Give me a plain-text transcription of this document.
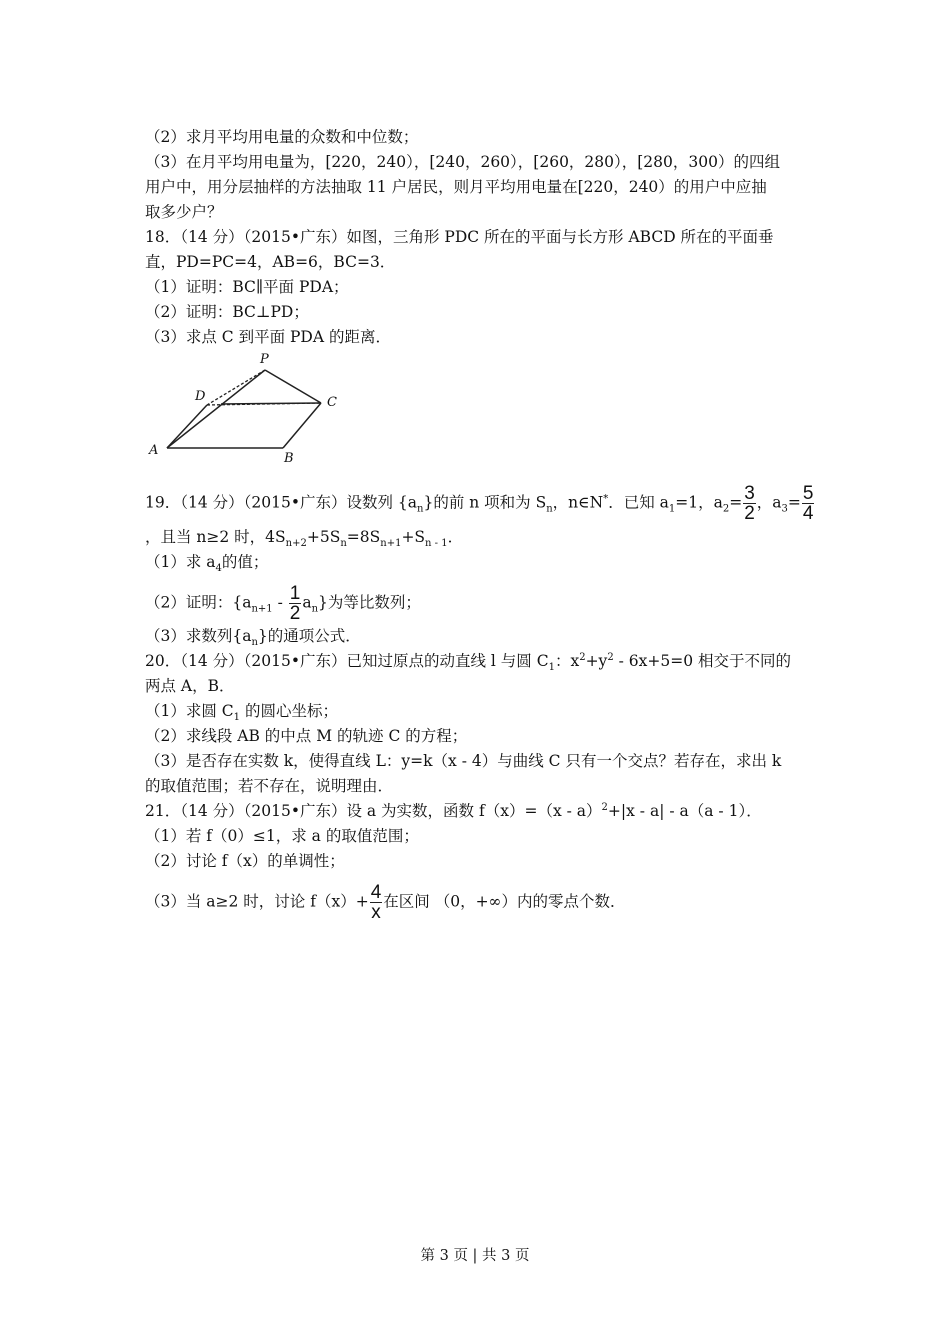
（2）求月平均用电量的众数和中位数；
（3）在月平均用电量为，[220，240），[240，260），[260，280），[280，300）的四组
用户中，用分层抽样的方法抽取 11 户居民，则月平均用电量在[220，240）的用户中应抽
取多少户？
18．（14 分）（2015•广东）如图，三角形 PDC 所在的平面与长方形 ABCD 所在的平面垂
直，PD=PC=4，AB=6，BC=3．
（1）证明：BC∥平面 PDA；
（2）证明：BC⊥PD；
（3）求点 C 到平面 PDA 的距离．
P
D	C
A
B
19．（14 分）（2015•广东）设数列 $\{a_n\}$的前 n 项和为 $S_n$，n∈N*．已知 $a_1=1$，$a_2= \frac{3}{2}$ ，$a_3= \frac{5}{4}$
，且当 n≥2 时，$4S_{n+2}+5S_n=8S_{n+1}+S_{n - 1}$．
（1）求 $a_4$的值；
（2）证明：$\{a_{n+1} - \frac{1}{2} a_n\}$为等比数列；
（3）求数列$\{a_n\}$的通项公式．
20．（14 分）（2015•广东）已知过原点的动直线 l 与圆 $C_1$：$x^2+y^2 - 6x+5=0$ 相交于不同的
两点 A，B．
（1）求圆 $C_1$ 的圆心坐标；
（2）求线段 AB 的中点 M 的轨迹 C 的方程；
（3）是否存在实数 k，使得直线 L：y=k（x - 4）与曲线 C 只有一个交点？若存在，求出 k
的取值范围；若不存在，说明理由．
21．（14 分）（2015•广东）设 a 为实数，函数 f（x）=（x - a）$^2$+|x - a| - a（a - 1）．
（1）若 f（0）≤1，求 a 的取值范围；
（2）讨论 f（x）的单调性；
（3）当 a≥2 时，讨论 $f(x)+ \frac{4}{x}$ 在区间 （0，+∞）内的零点个数．
第 3 页 | 共 3 页
